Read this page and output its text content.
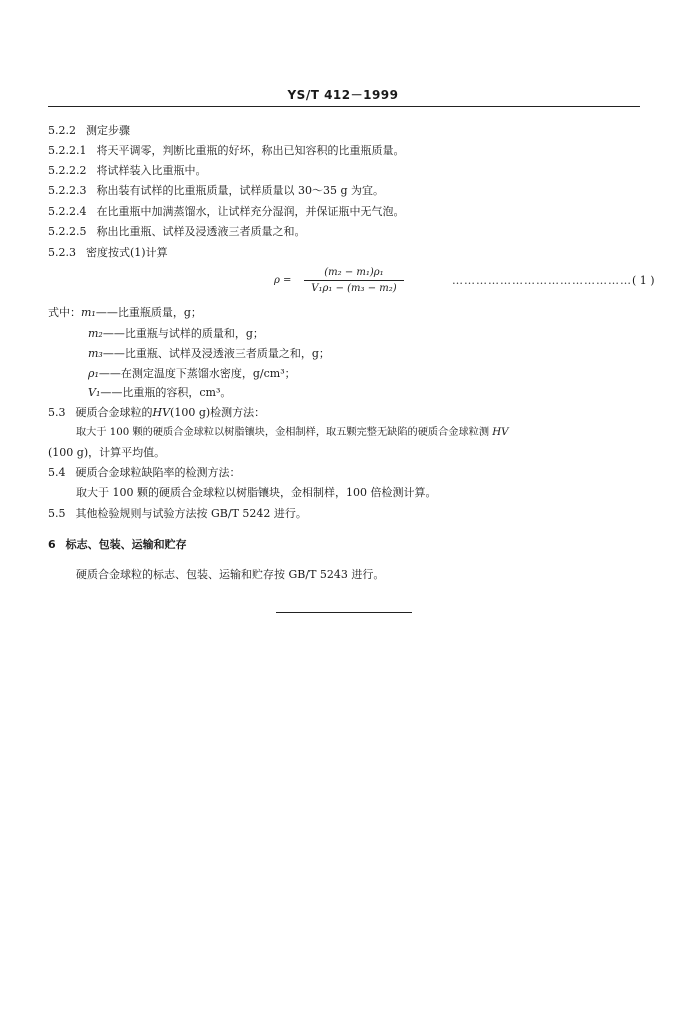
YS/T 412－1999
5.2.2 测定步骤
5.2.2.1 将天平调零，判断比重瓶的好坏，称出已知容积的比重瓶质量。
5.2.2.2 将试样装入比重瓶中。
5.2.2.3 称出装有试样的比重瓶质量，试样质量以 30～35 g 为宜。
5.2.2.4 在比重瓶中加满蒸馏水，让试样充分湿润，并保证瓶中无气泡。
5.2.2.5 称出比重瓶、试样及浸透液三者质量之和。
5.2.3 密度按式(1)计算
ρ =
(m₂ − m₁)ρ₁
V₁ρ₁ − (m₃ − m₂)
………………………………………( 1 )
式中：m₁——比重瓶质量，g；
m₂——比重瓶与试样的质量和，g；
m₃——比重瓶、试样及浸透液三者质量之和，g；
ρ₁——在测定温度下蒸馏水密度，g/cm³；
V₁——比重瓶的容积，cm³。
5.3 硬质合金球粒的HV(100 g)检测方法：
取大于 100 颗的硬质合金球粒以树脂镶块，金相制样，取五颗完整无缺陷的硬质合金球粒测 HV
(100 g)，计算平均值。
5.4 硬质合金球粒缺陷率的检测方法：
取大于 100 颗的硬质合金球粒以树脂镶块，金相制样，100 倍检测计算。
5.5 其他检验规则与试验方法按 GB/T 5242 进行。
6 标志、包装、运输和贮存
硬质合金球粒的标志、包装、运输和贮存按 GB/T 5243 进行。
